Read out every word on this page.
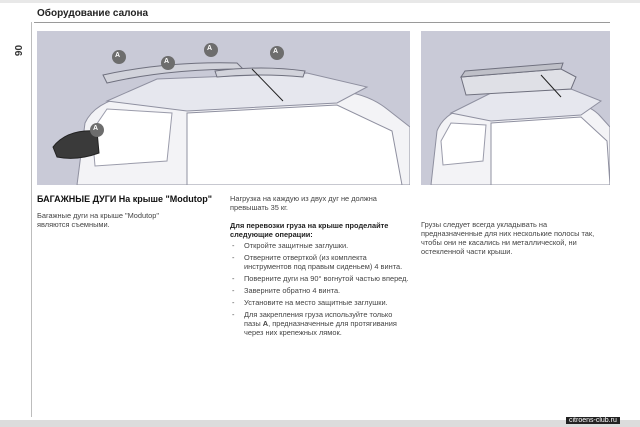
Оборудование салона
90	A
A
A	A
A
БАГАЖНЫЕ ДУГИ На крыше "Modutop"
Багажные дуги на крыше "Modutop" являются съемными.
Нагрузка на каждую из двух дуг не должна превышать 35 кг.
Для перевозки груза на крыше проделайте следующие операции:
- Откройте защитные заглушки.
- Отверните отверткой (из комплекта инструментов под правым сиденьем) 4 винта.
- Поверните дуги на 90° вогнутой частью вперед.
- Заверните обратно 4 винта.
- Установите на место защитные заглушки.
- Для закрепления груза используйте только пазы A, предназначенные для протягивания через них крепежных лямок.
Грузы следует всегда укладывать на предназначенные для них несколькие полосы так, чтобы они не касались ни металлической, ни остекленной части крыши.
citroens-club.ru
